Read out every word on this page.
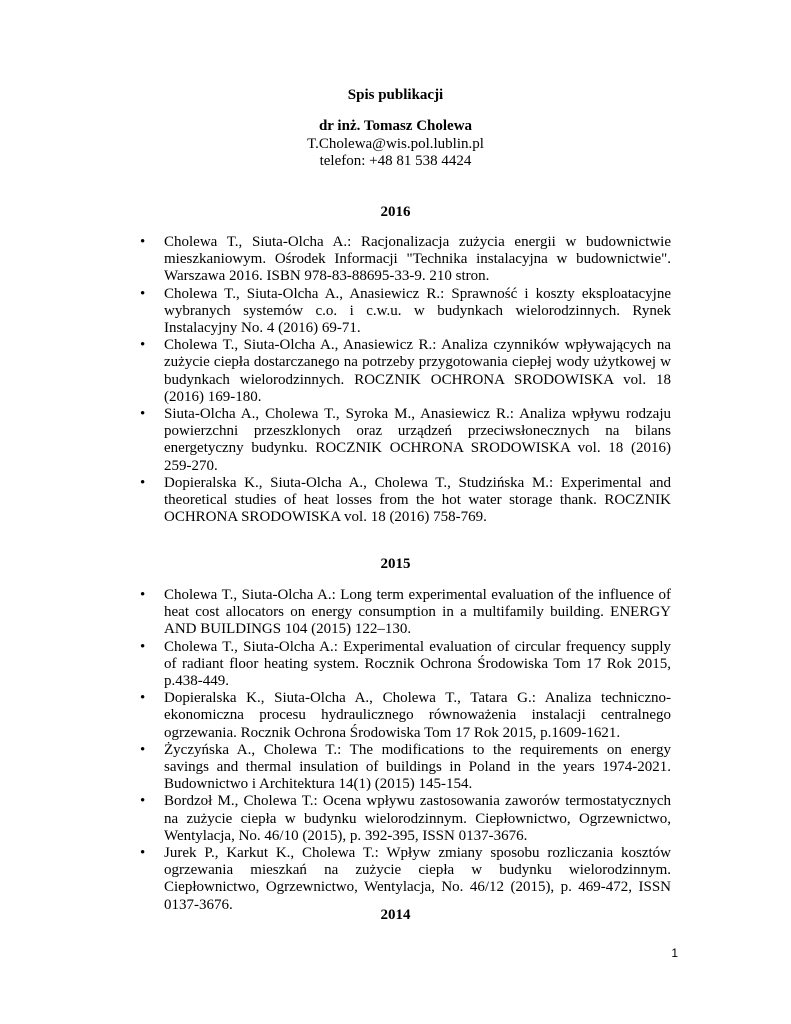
Spis publikacji
dr inż. Tomasz Cholewa
T.Cholewa@wis.pol.lublin.pl
telefon: +48 81 538 4424
2016
• Cholewa T., Siuta-Olcha A.: Racjonalizacja zużycia energii w budownictwie mieszkaniowym. Ośrodek Informacji "Technika instalacyjna w budownictwie". Warszawa 2016. ISBN 978-83-88695-33-9. 210 stron.
• Cholewa T., Siuta-Olcha A., Anasiewicz R.: Sprawność i koszty eksploatacyjne wybranych systemów c.o. i c.w.u. w budynkach wielorodzinnych. Rynek Instalacyjny No. 4 (2016) 69-71.
• Cholewa T., Siuta-Olcha A., Anasiewicz R.: Analiza czynników wpływających na zużycie ciepła dostarczanego na potrzeby przygotowania ciepłej wody użytkowej w budynkach wielorodzinnych. ROCZNIK OCHRONA SRODOWISKA vol. 18 (2016) 169-180.
• Siuta-Olcha A., Cholewa T., Syroka M., Anasiewicz R.: Analiza wpływu rodzaju powierzchni przeszklonych oraz urządzeń przeciwsłonecznych na bilans energetyczny budynku. ROCZNIK OCHRONA SRODOWISKA vol. 18 (2016) 259-270.
• Dopieralska K., Siuta-Olcha A., Cholewa T., Studzińska M.: Experimental and theoretical studies of heat losses from the hot water storage thank. ROCZNIK OCHRONA SRODOWISKA vol. 18 (2016) 758-769.
2015
• Cholewa T., Siuta-Olcha A.: Long term experimental evaluation of the influence of heat cost allocators on energy consumption in a multifamily building. ENERGY AND BUILDINGS 104 (2015) 122–130.
• Cholewa T., Siuta-Olcha A.: Experimental evaluation of circular frequency supply of radiant floor heating system. Rocznik Ochrona Środowiska Tom 17 Rok 2015, p.438-449.
• Dopieralska K., Siuta-Olcha A., Cholewa T., Tatara G.: Analiza techniczno-ekonomiczna procesu hydraulicznego równoważenia instalacji centralnego ogrzewania. Rocznik Ochrona Środowiska Tom 17 Rok 2015, p.1609-1621.
• Życzyńska A., Cholewa T.: The modifications to the requirements on energy savings and thermal insulation of buildings in Poland in the years 1974-2021. Budownictwo i Architektura 14(1) (2015) 145-154.
• Bordzoł M., Cholewa T.: Ocena wpływu zastosowania zaworów termostatycznych na zużycie ciepła w budynku wielorodzinnym. Ciepłownictwo, Ogrzewnictwo, Wentylacja, No. 46/10 (2015), p. 392-395, ISSN 0137-3676.
• Jurek P., Karkut K., Cholewa T.: Wpływ zmiany sposobu rozliczania kosztów ogrzewania mieszkań na zużycie ciepła w budynku wielorodzinnym. Ciepłownictwo, Ogrzewnictwo, Wentylacja, No. 46/12 (2015), p. 469-472, ISSN 0137-3676.
2014
1
